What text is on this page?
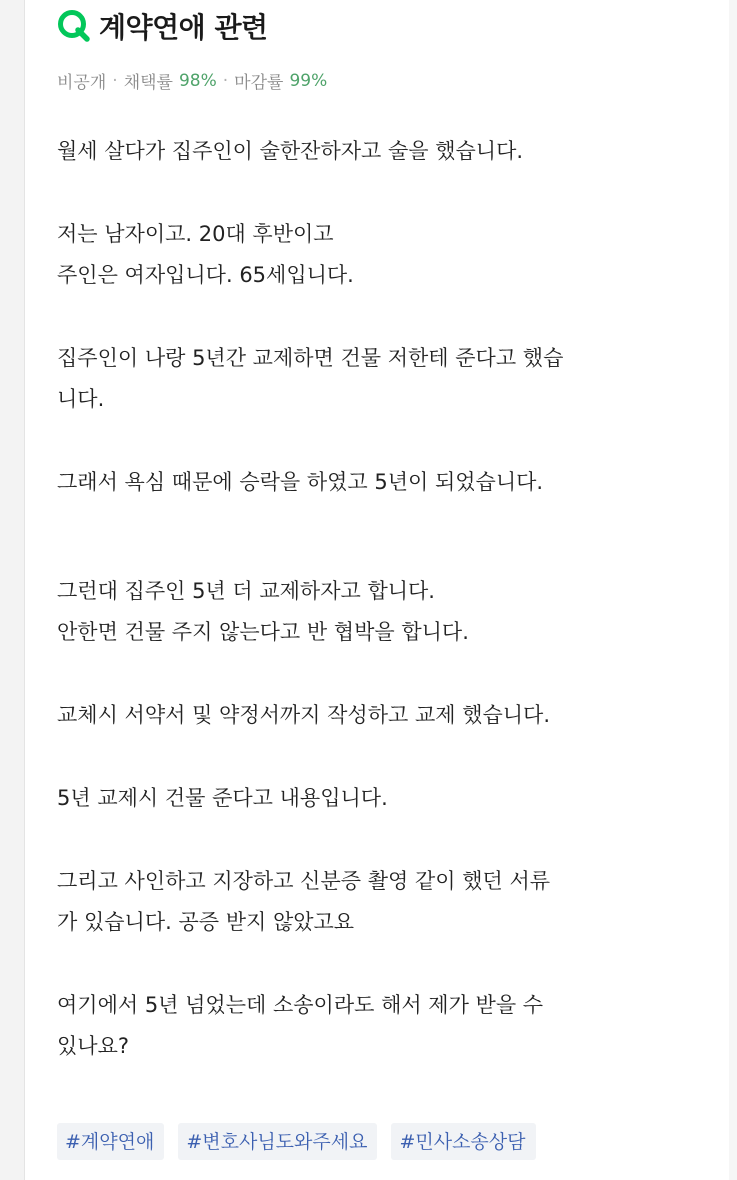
계약연애 관련
비공개 · 채택률 98% · 마감률 99%

월세 살다가 집주인이 술한잔하자고 술을 했습니다.

저는 남자이고. 20대 후반이고

주인은 여자입니다. 65세입니다.

집주인이 나랑 5년간 교제하면 건물 저한테 준다고 했습

니다.

그래서 욕심 때문에 승락을 하였고 5년이 되었습니다.

그런대 집주인 5년 더 교제하자고 합니다.

안한면 건물 주지 않는다고 반 협박을 합니다.

교체시 서약서 및 약정서까지 작성하고 교제 했습니다.

5년 교제시 건물 준다고 내용입니다.

그리고 사인하고 지장하고 신분증 촬영 같이 했던 서류

가 있습니다. 공증 받지 않았고요

여기에서 5년 넘었는데 소송이라도 해서 제가 받을 수

있나요?

#계약연애	#변호사님도와주세요	#민사소송상담
